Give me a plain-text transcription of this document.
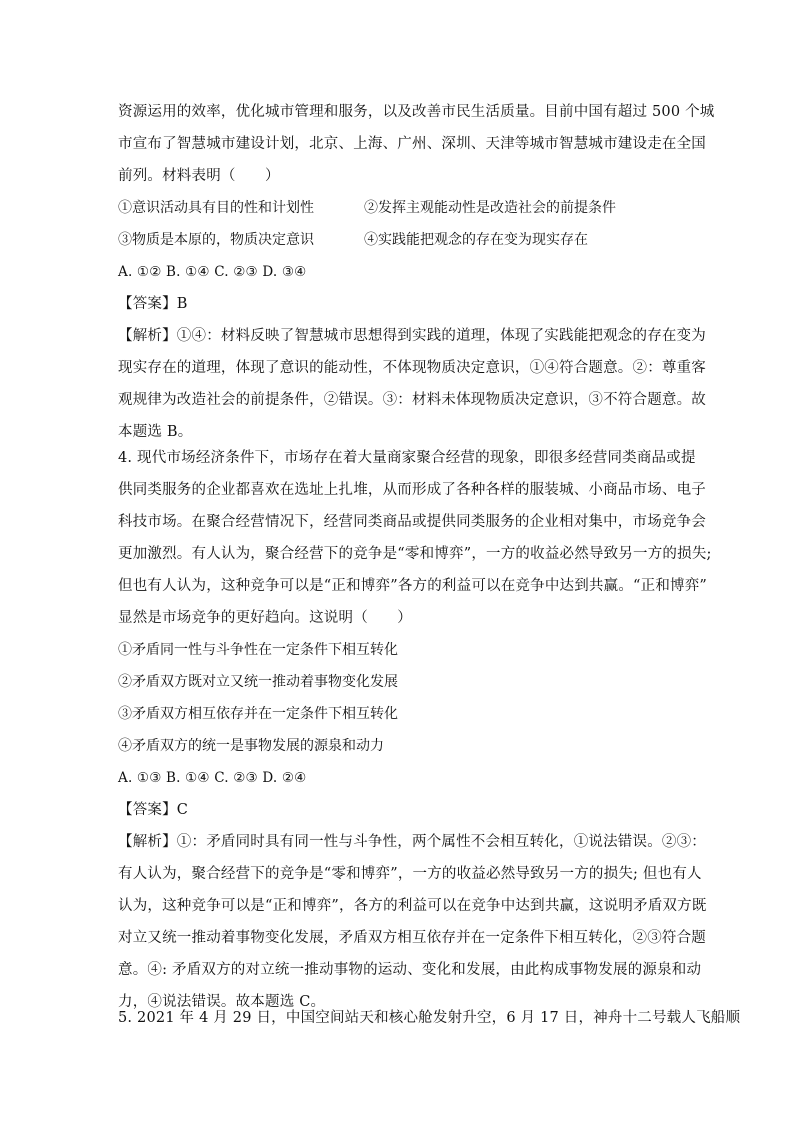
资源运用的效率，优化城市管理和服务，以及改善市民生活质量。目前中国有超过 500 个城
市宣布了智慧城市建设计划，北京、上海、广州、深圳、天津等城市智慧城市建设走在全国
前列。材料表明（　　）
①意识活动具有目的性和计划性	②发挥主观能动性是改造社会的前提条件
③物质是本原的，物质决定意识	④实践能把观念的存在变为现实存在
A. ①② B. ①④ C. ②③ D. ③④
【答案】B
【解析】①④：材料反映了智慧城市思想得到实践的道理，体现了实践能把观念的存在变为
现实存在的道理，体现了意识的能动性，不体现物质决定意识，①④符合题意。②：尊重客
观规律为改造社会的前提条件，②错误。③：材料未体现物质决定意识，③不符合题意。故
本题选 B。
4. 现代市场经济条件下，市场存在着大量商家聚合经营的现象，即很多经营同类商品或提
供同类服务的企业都喜欢在选址上扎堆，从而形成了各种各样的服装城、小商品市场、电子
科技市场。在聚合经营情况下，经营同类商品或提供同类服务的企业相对集中，市场竞争会
更加激烈。有人认为，聚合经营下的竞争是“零和博弈”，一方的收益必然导致另一方的损失;
但也有人认为，这种竞争可以是“正和博弈”各方的利益可以在竞争中达到共赢。“正和博弈”
显然是市场竞争的更好趋向。这说明（　　）
①矛盾同一性与斗争性在一定条件下相互转化
②矛盾双方既对立又统一推动着事物变化发展
③矛盾双方相互依存并在一定条件下相互转化
④矛盾双方的统一是事物发展的源泉和动力
A. ①③ B. ①④ C. ②③ D. ②④
【答案】C
【解析】①：矛盾同时具有同一性与斗争性，两个属性不会相互转化，①说法错误。②③：
有人认为，聚合经营下的竞争是“零和博弈”，一方的收益必然导致另一方的损失; 但也有人
认为，这种竞争可以是“正和博弈”，各方的利益可以在竞争中达到共赢，这说明矛盾双方既
对立又统一推动着事物变化发展，矛盾双方相互依存并在一定条件下相互转化，②③符合题
意。④: 矛盾双方的对立统一推动事物的运动、变化和发展，由此构成事物发展的源泉和动
力，④说法错误。故本题选 C。
5. 2021 年 4 月 29 日，中国空间站天和核心舱发射升空，6 月 17 日，神舟十二号载人飞船顺
